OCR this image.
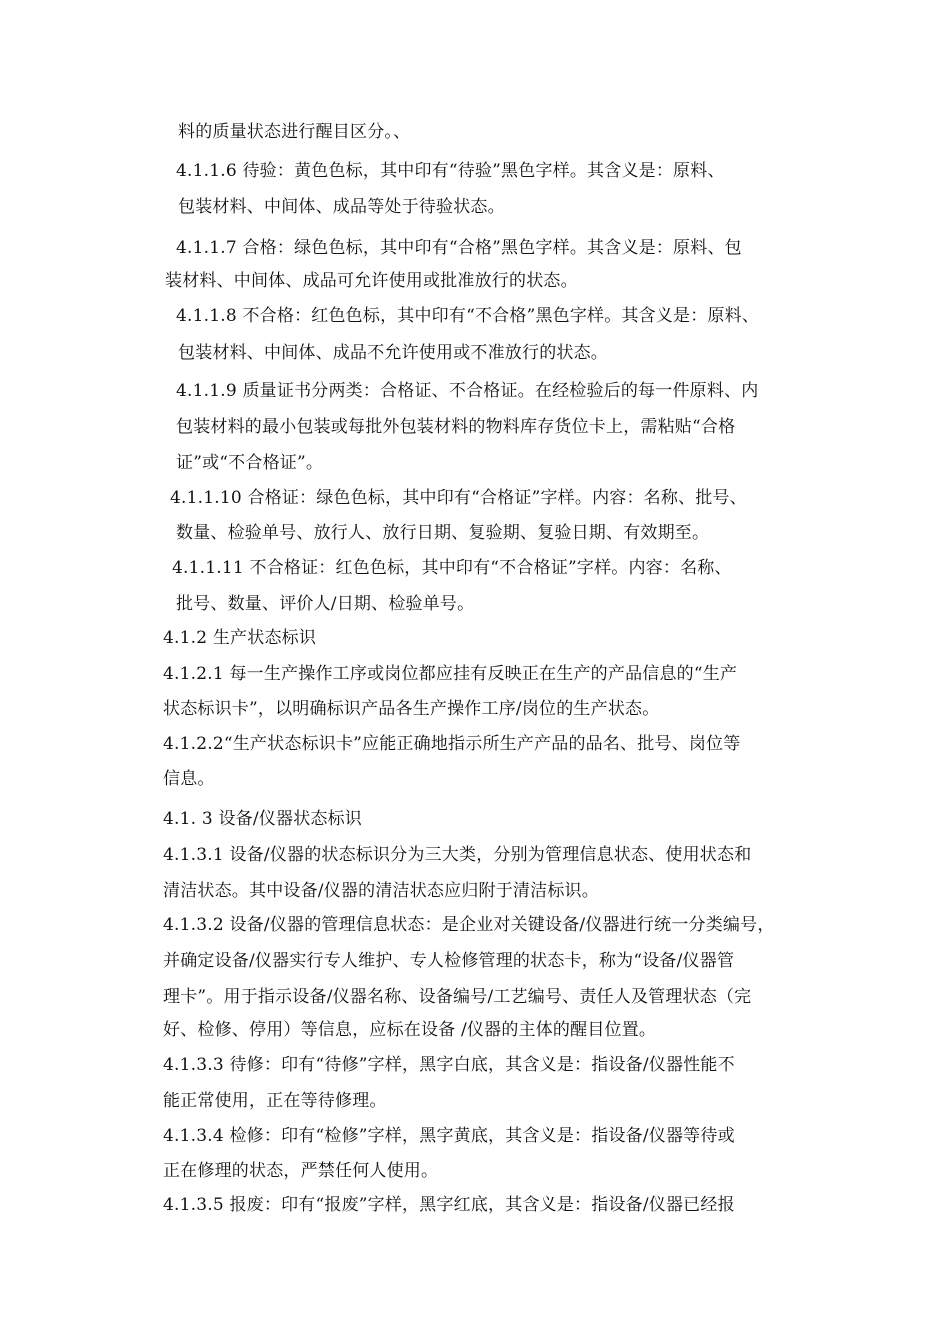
料的质量状态进行醒目区分。、
4.1.1.6 待验：黄色色标，其中印有“待验”黑色字样。其含义是：原料、
包装材料、中间体、成品等处于待验状态。
4.1.1.7 合格：绿色色标，其中印有“合格”黑色字样。其含义是：原料、包
装材料、中间体、成品可允许使用或批准放行的状态。
4.1.1.8 不合格：红色色标，其中印有“不合格”黑色字样。其含义是：原料、
包装材料、中间体、成品不允许使用或不准放行的状态。
4.1.1.9 质量证书分两类：合格证、不合格证。在经检验后的每一件原料、内
包装材料的最小包装或每批外包装材料的物料库存货位卡上，需粘贴“合格
证”或“不合格证”。
4.1.1.10 合格证：绿色色标，其中印有“合格证”字样。内容：名称、批号、
数量、检验单号、放行人、放行日期、复验期、复验日期、有效期至。
4.1.1.11 不合格证：红色色标，其中印有“不合格证”字样。内容：名称、
批号、数量、评价人/日期、检验单号。
4.1.2 生产状态标识
4.1.2.1 每一生产操作工序或岗位都应挂有反映正在生产的产品信息的“生产
状态标识卡”，以明确标识产品各生产操作工序/岗位的生产状态。
4.1.2.2“生产状态标识卡”应能正确地指示所生产产品的品名、批号、岗位等
信息。
4.1. 3 设备/仪器状态标识
4.1.3.1 设备/仪器的状态标识分为三大类，分别为管理信息状态、使用状态和
清洁状态。其中设备/仪器的清洁状态应归附于清洁标识。
4.1.3.2 设备/仪器的管理信息状态：是企业对关键设备/仪器进行统一分类编号，
并确定设备/仪器实行专人维护、专人检修管理的状态卡，称为“设备/仪器管
理卡”。用于指示设备/仪器名称、设备编号/工艺编号、责任人及管理状态（完
好、检修、停用）等信息，应标在设备 /仪器的主体的醒目位置。
4.1.3.3 待修：印有“待修”字样，黑字白底，其含义是：指设备/仪器性能不
能正常使用，正在等待修理。
4.1.3.4 检修：印有“检修”字样，黑字黄底，其含义是：指设备/仪器等待或
正在修理的状态，严禁任何人使用。
4.1.3.5 报废：印有“报废”字样，黑字红底，其含义是：指设备/仪器已经报
